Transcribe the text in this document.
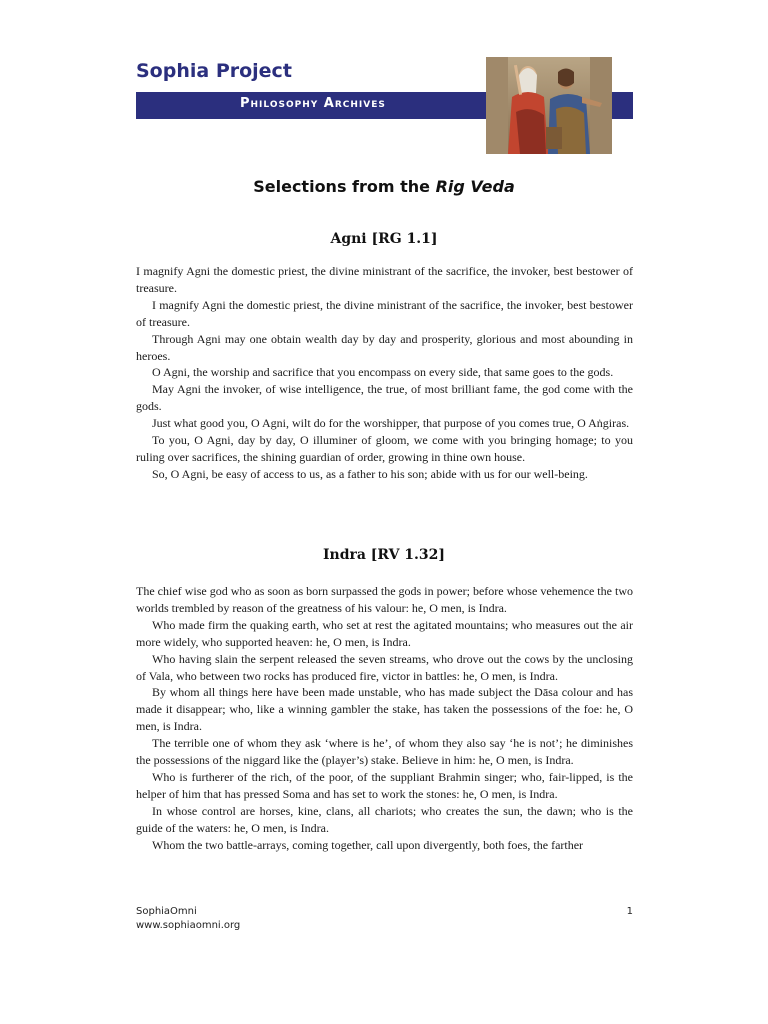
Sophia Project
Philosophy Archives
Selections from the Rig Veda
Agni [RG 1.1]

I magnify Agni the domestic priest, the divine ministrant of the sacrifice, the invoker, best bestower of treasure.

I magnify Agni the domestic priest, the divine ministrant of the sacrifice, the invoker, best bestower of treasure.

Through Agni may one obtain wealth day by day and prosperity, glorious and most abounding in heroes.

O Agni, the worship and sacrifice that you encompass on every side, that same goes to the gods.

May Agni the invoker, of wise intelligence, the true, of most brilliant fame, the god come with the gods.

Just what good you, O Agni, wilt do for the worshipper, that purpose of you comes true, O Aṅgiras.

To you, O Agni, day by day, O illuminer of gloom, we come with you bringing homage; to you ruling over sacrifices, the shining guardian of order, growing in thine own house.

So, O Agni, be easy of access to us, as a father to his son; abide with us for our well-being.

Indra [RV 1.32]

The chief wise god who as soon as born surpassed the gods in power; before whose vehemence the two worlds trembled by reason of the greatness of his valour: he, O men, is Indra.

Who made firm the quaking earth, who set at rest the agitated mountains; who measures out the air more widely, who supported heaven: he, O men, is Indra.

Who having slain the serpent released the seven streams, who drove out the cows by the unclosing of Vala, who between two rocks has produced fire, victor in battles: he, O men, is Indra.

By whom all things here have been made unstable, who has made subject the Dāsa colour and has made it disappear; who, like a winning gambler the stake, has taken the possessions of the foe: he, O men, is Indra.

The terrible one of whom they ask ‘where is he’, of whom they also say ‘he is not’; he diminishes the possessions of the niggard like the (player’s) stake. Believe in him: he, O men, is Indra.

Who is furtherer of the rich, of the poor, of the suppliant Brahmin singer; who, fair-lipped, is the helper of him that has pressed Soma and has set to work the stones: he, O men, is Indra.

In whose control are horses, kine, clans, all chariots; who creates the sun, the dawn; who is the guide of the waters: he, O men, is Indra.

Whom the two battle-arrays, coming together, call upon divergently, both foes, the farther

SophiaOmni
www.sophiaomni.org
1
